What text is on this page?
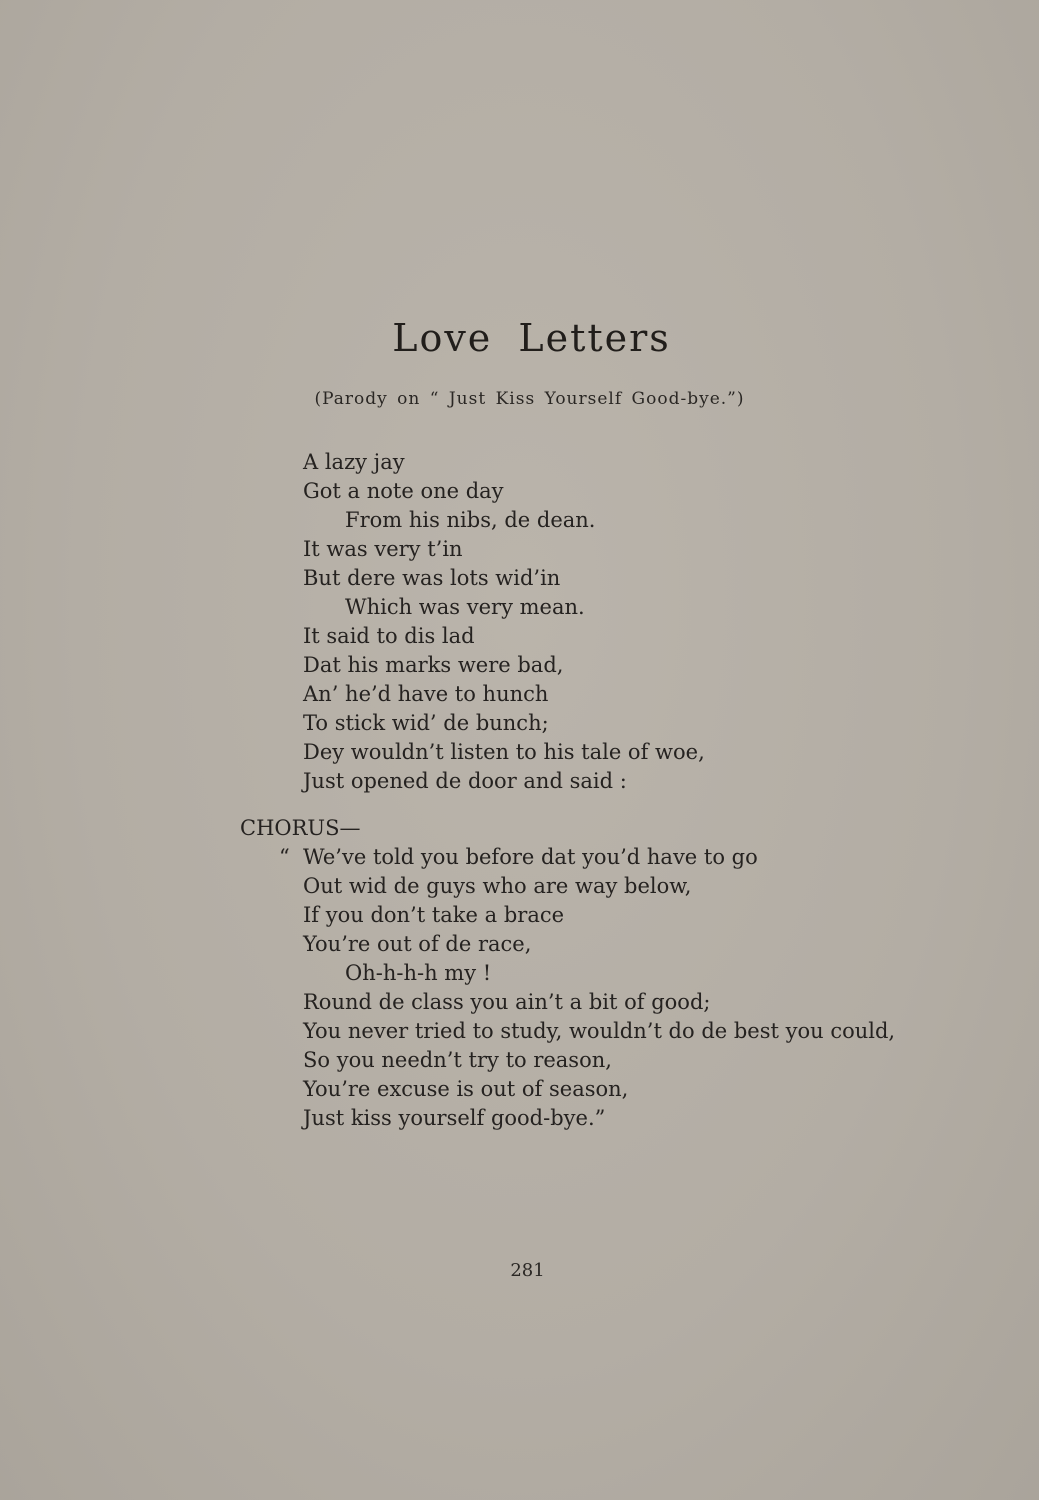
Love Letters
(Parody on “ Just Kiss Yourself Good-bye.”)
A lazy jay
Got a note one day
From his nibs, de dean.
It was very t’in
But dere was lots wid’in
Which was very mean.
It said to dis lad
Dat his marks were bad,
An’ he’d have to hunch
To stick wid’ de bunch;
Dey wouldn’t listen to his tale of woe,
Just opened de door and said :
CHORUS—
“ We’ve told you before dat you’d have to go
Out wid de guys who are way below,
If you don’t take a brace
You’re out of de race,
Oh-h-h-h my !
Round de class you ain’t a bit of good;
You never tried to study, wouldn’t do de best you could,
So you needn’t try to reason,
You’re excuse is out of season,
Just kiss yourself good-bye.”
281
